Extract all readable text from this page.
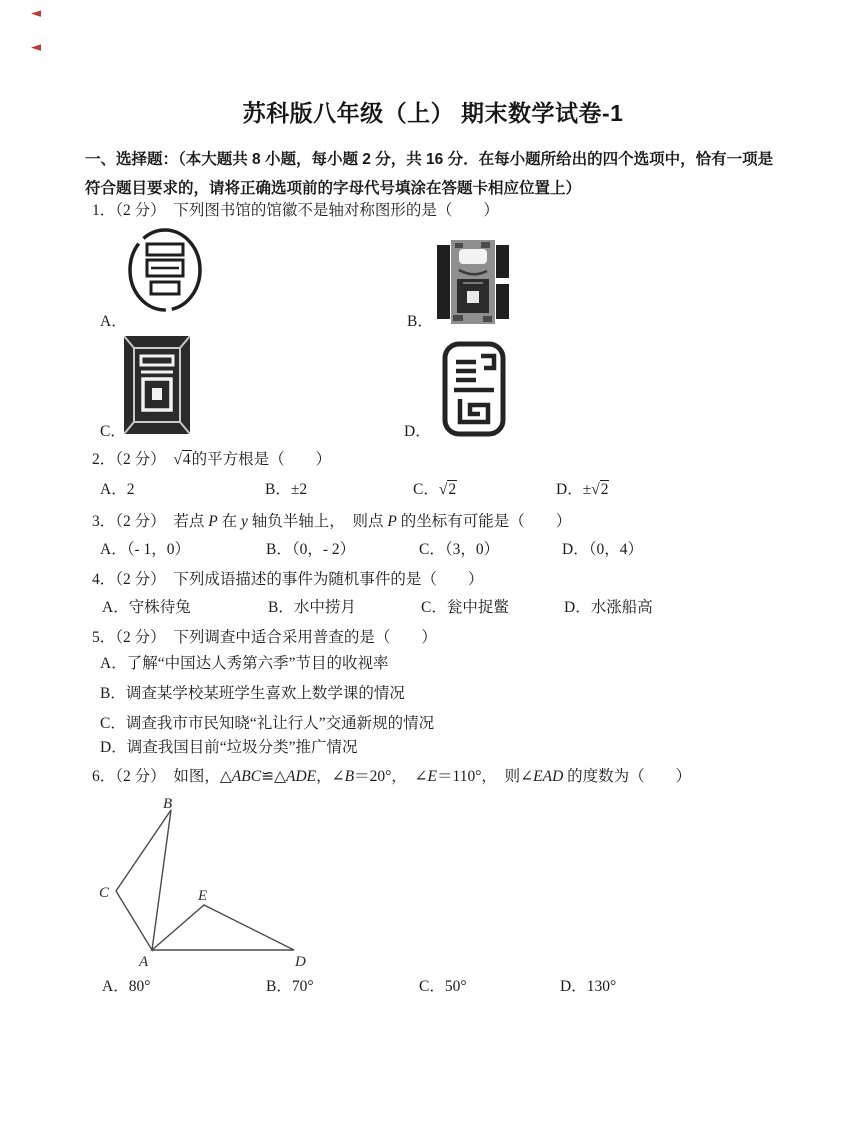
◄
◄
苏科版八年级（上） 期末数学试卷-1
一、选择题：（本大题共 8 小题，每小题 2 分，共 16 分．在每小题所给出的四个选项中，恰有一项是
符合题目要求的，请将正确选项前的字母代号填涂在答题卡相应位置上）
1．（2 分）  下列图书馆的馆徽不是轴对称图形的是（　　）
A．	B．
C．	D．
2．（2 分）  √4的平方根是（　　）
A．2	B．±2	C．√2	D．±√2
3．（2 分）  若点 P 在 y 轴负半轴上，  则点 P 的坐标有可能是（　　）
A．（- 1，0）	B．（0，- 2）	C．（3，0）	D．（0，4）
4．（2 分）  下列成语描述的事件为随机事件的是（　　）
A．守株待兔	B．水中捞月	C．瓮中捉鳖	D．水涨船高
5．（2 分）  下列调查中适合采用普查的是（　　）
A．了解“中国达人秀第六季”节目的收视率
B．调查某学校某班学生喜欢上数学课的情况
C．调查我市市民知晓“礼让行人”交通新规的情况
D．调查我国目前“垃圾分类”推广情况
6．（2 分）  如图，△ABC≌△ADE，∠B＝20°，  ∠E＝110°，  则∠EAD 的度数为（　　）
B
C	E
A	D
A．80°	B．70°	C．50°	D．130°
